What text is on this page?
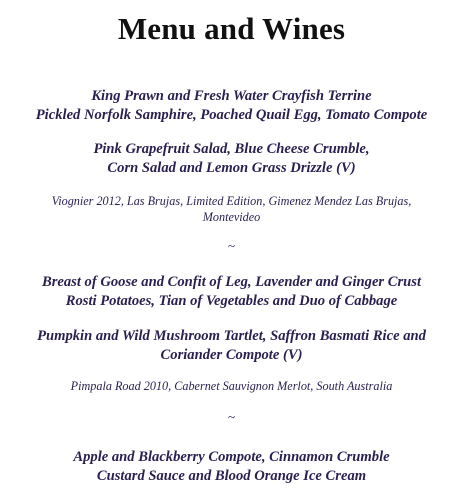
Menu and Wines
King Prawn and Fresh Water Crayfish Terrine
Pickled Norfolk Samphire, Poached Quail Egg, Tomato Compote
Pink Grapefruit Salad, Blue Cheese Crumble,
Corn Salad and Lemon Grass Drizzle (V)
Viognier 2012, Las Brujas, Limited Edition, Gimenez Mendez Las Brujas,
Montevideo
~
Breast of Goose and Confit of Leg, Lavender and Ginger Crust
Rosti Potatoes, Tian of Vegetables and Duo of Cabbage
Pumpkin and Wild Mushroom Tartlet, Saffron Basmati Rice and
Coriander Compote (V)
Pimpala Road 2010, Cabernet Sauvignon Merlot, South Australia
~
Apple and Blackberry Compote, Cinnamon Crumble
Custard Sauce and Blood Orange Ice Cream
